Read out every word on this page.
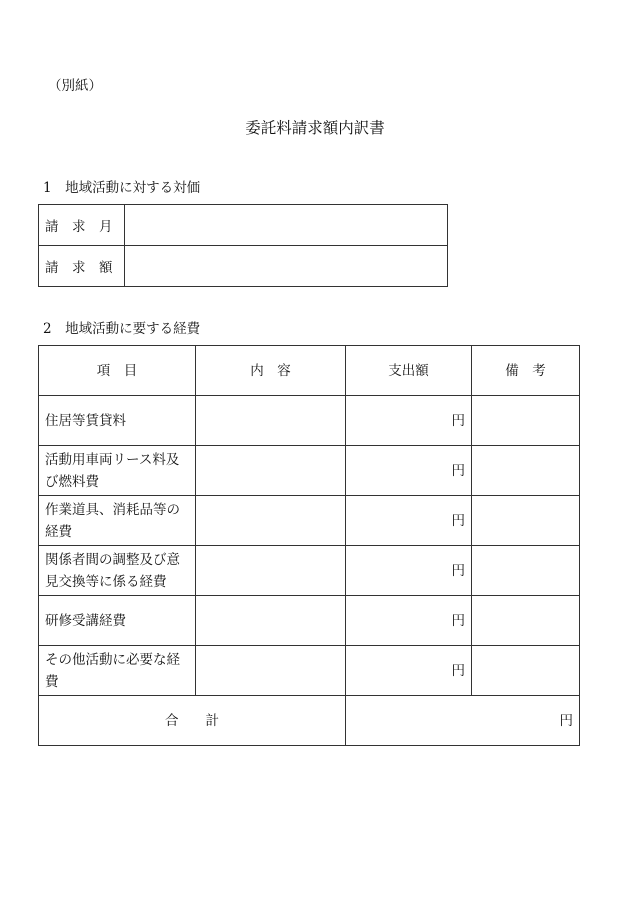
（別紙）
委託料請求額内訳書
1　地域活動に対する対価
請　求　月	
請　求　額	
2　地域活動に要する経費
項　目	内　容	支出額	備　考
住居等賃貸料		円	
活動用車両リース料及び燃料費		円	
作業道具、消耗品等の経費		円	
関係者間の調整及び意見交換等に係る経費		円	
研修受講経費		円	
その他活動に必要な経費		円	
合　　計		円	
